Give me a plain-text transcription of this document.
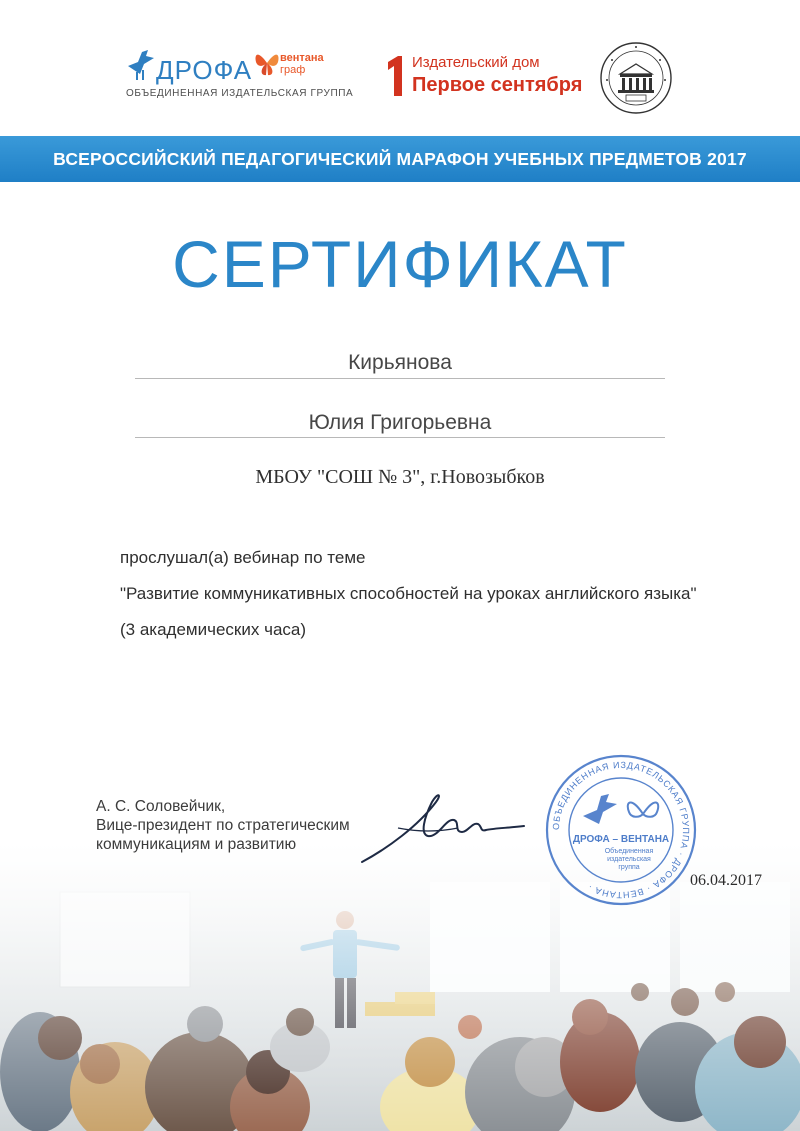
ДРОФА	вентана
граф
ОБЪЕДИНЕННАЯ ИЗДАТЕЛЬСКАЯ ГРУППА
Издательский дом
Первое сентября
ВСЕРОССИЙСКИЙ ПЕДАГОГИЧЕСКИЙ МАРАФОН УЧЕБНЫХ ПРЕДМЕТОВ 2017
СЕРТИФИКАТ
Кирьянова
Юлия Григорьевна
МБОУ "СОШ № 3", г.Новозыбков
прослушал(а) вебинар по теме
"Развитие коммуникативных способностей на уроках английского языка"
(3 академических часа)
А. С. Соловейчик,
Вице-президент по стратегическим
коммуникациям и развитию
ОБЪЕДИНЕННАЯ ИЗДАТЕЛЬСКАЯ ГРУППА · ДРОФА · ВЕНТАНА ·
ДРОФА – ВЕНТАНА
Объединенная
издательская
группа
06.04.2017
